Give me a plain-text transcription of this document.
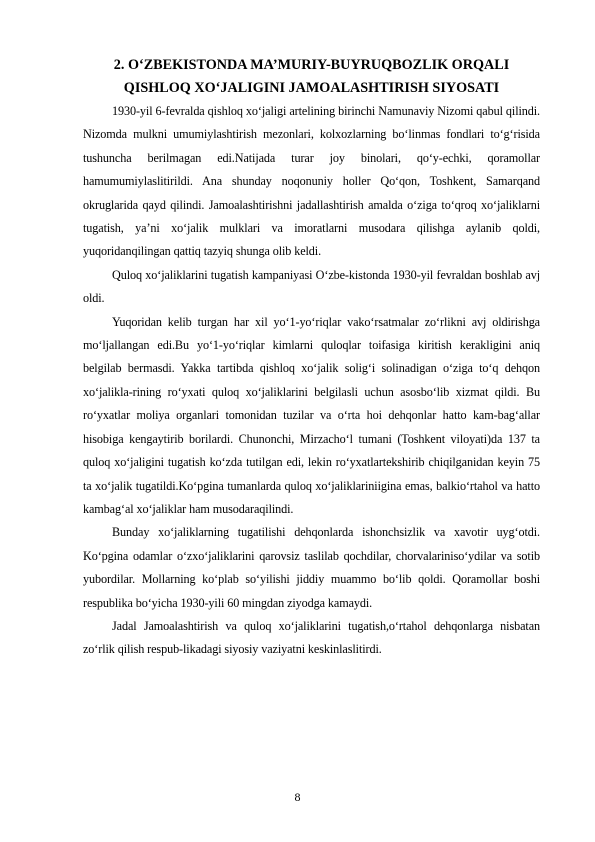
2. O‘ZBEKISTONDA MA’MURIY-BUYRUQBOZLIK ORQALI
QISHLOQ XO‘JALIGINI JAMOALASHTIRISH SIYOSATI

1930-yil 6-fevralda qishloq xo‘jaligi artelining birinchi Namunaviy Nizomi qabul qilindi. Nizomda mulkni umumiylashtirish mezonlari, kolxozlarning bo‘linmas fondlari to‘g‘risida tushuncha berilmagan edi.Natijada turar joy binolari, qo‘y-echki, qoramollar hamumumiylaslitirildi. Ana shunday noqonuniy holler Qo‘qon, Toshkent, Samarqand okruglarida qayd qilindi. Jamoalashtirishni jadallashtirish amalda o‘ziga to‘qroq xo‘jaliklarni tugatish, ya’ni xo‘jalik mulklari va imoratlarni musodara qilishga aylanib qoldi, yuqoridanqilingan qattiq tazyiq shunga olib keldi.

Quloq xo‘jaliklarini tugatish kampaniyasi O‘zbe-kistonda 1930-yil fevraldan boshlab avj oldi.

Yuqoridan kelib turgan har xil yo‘1-yo‘riqlar vako‘rsatmalar zo‘rlikni avj oldirishga mo‘ljallangan edi.Bu yo‘1-yo‘riqlar kimlarni quloqlar toifasiga kiritish kerakligini aniq belgilab bermasdi. Yakka tartibda qishloq xo‘jalik solig‘i solinadigan o‘ziga to‘q dehqon xo‘jalikla-rining ro‘yxati quloq xo‘jaliklarini belgilasli uchun asosbo‘lib xizmat qildi. Bu ro‘yxatlar moliya organlari tomonidan tuzilar va o‘rta hoi dehqonlar hatto kam-bag‘allar hisobiga kengaytirib borilardi. Chunonchi, Mirzacho‘l tumani (Toshkent viloyati)da 137 ta quloq xo‘jaligini tugatish ko‘zda tutilgan edi, lekin ro‘yxatlartekshirib chiqilganidan keyin 75 ta xo‘jalik tugatildi.Ko‘pgina tumanlarda quloq xo‘jaliklariniigina emas, balkio‘rtahol va hatto kambag‘al xo‘jaliklar ham musodaraqilindi.

Bunday xo‘jaliklarning tugatilishi dehqonlarda ishonchsizlik va xavotir uyg‘otdi. Ko‘pgina odamlar o‘zxo‘jaliklarini qarovsiz taslilab qochdilar, chorvalariniso‘ydilar va sotib yubordilar. Mollarning ko‘plab so‘yilishi jiddiy muammo bo‘lib qoldi. Qoramollar boshi respublika bo‘yicha 1930-yili 60 mingdan ziyodga kamaydi.

Jadal Jamoalashtirish va quloq xo‘jaliklarini tugatish,o‘rtahol dehqonlarga nisbatan zo‘rlik qilish respub-likadagi siyosiy vaziyatni keskinlaslitirdi.

8
